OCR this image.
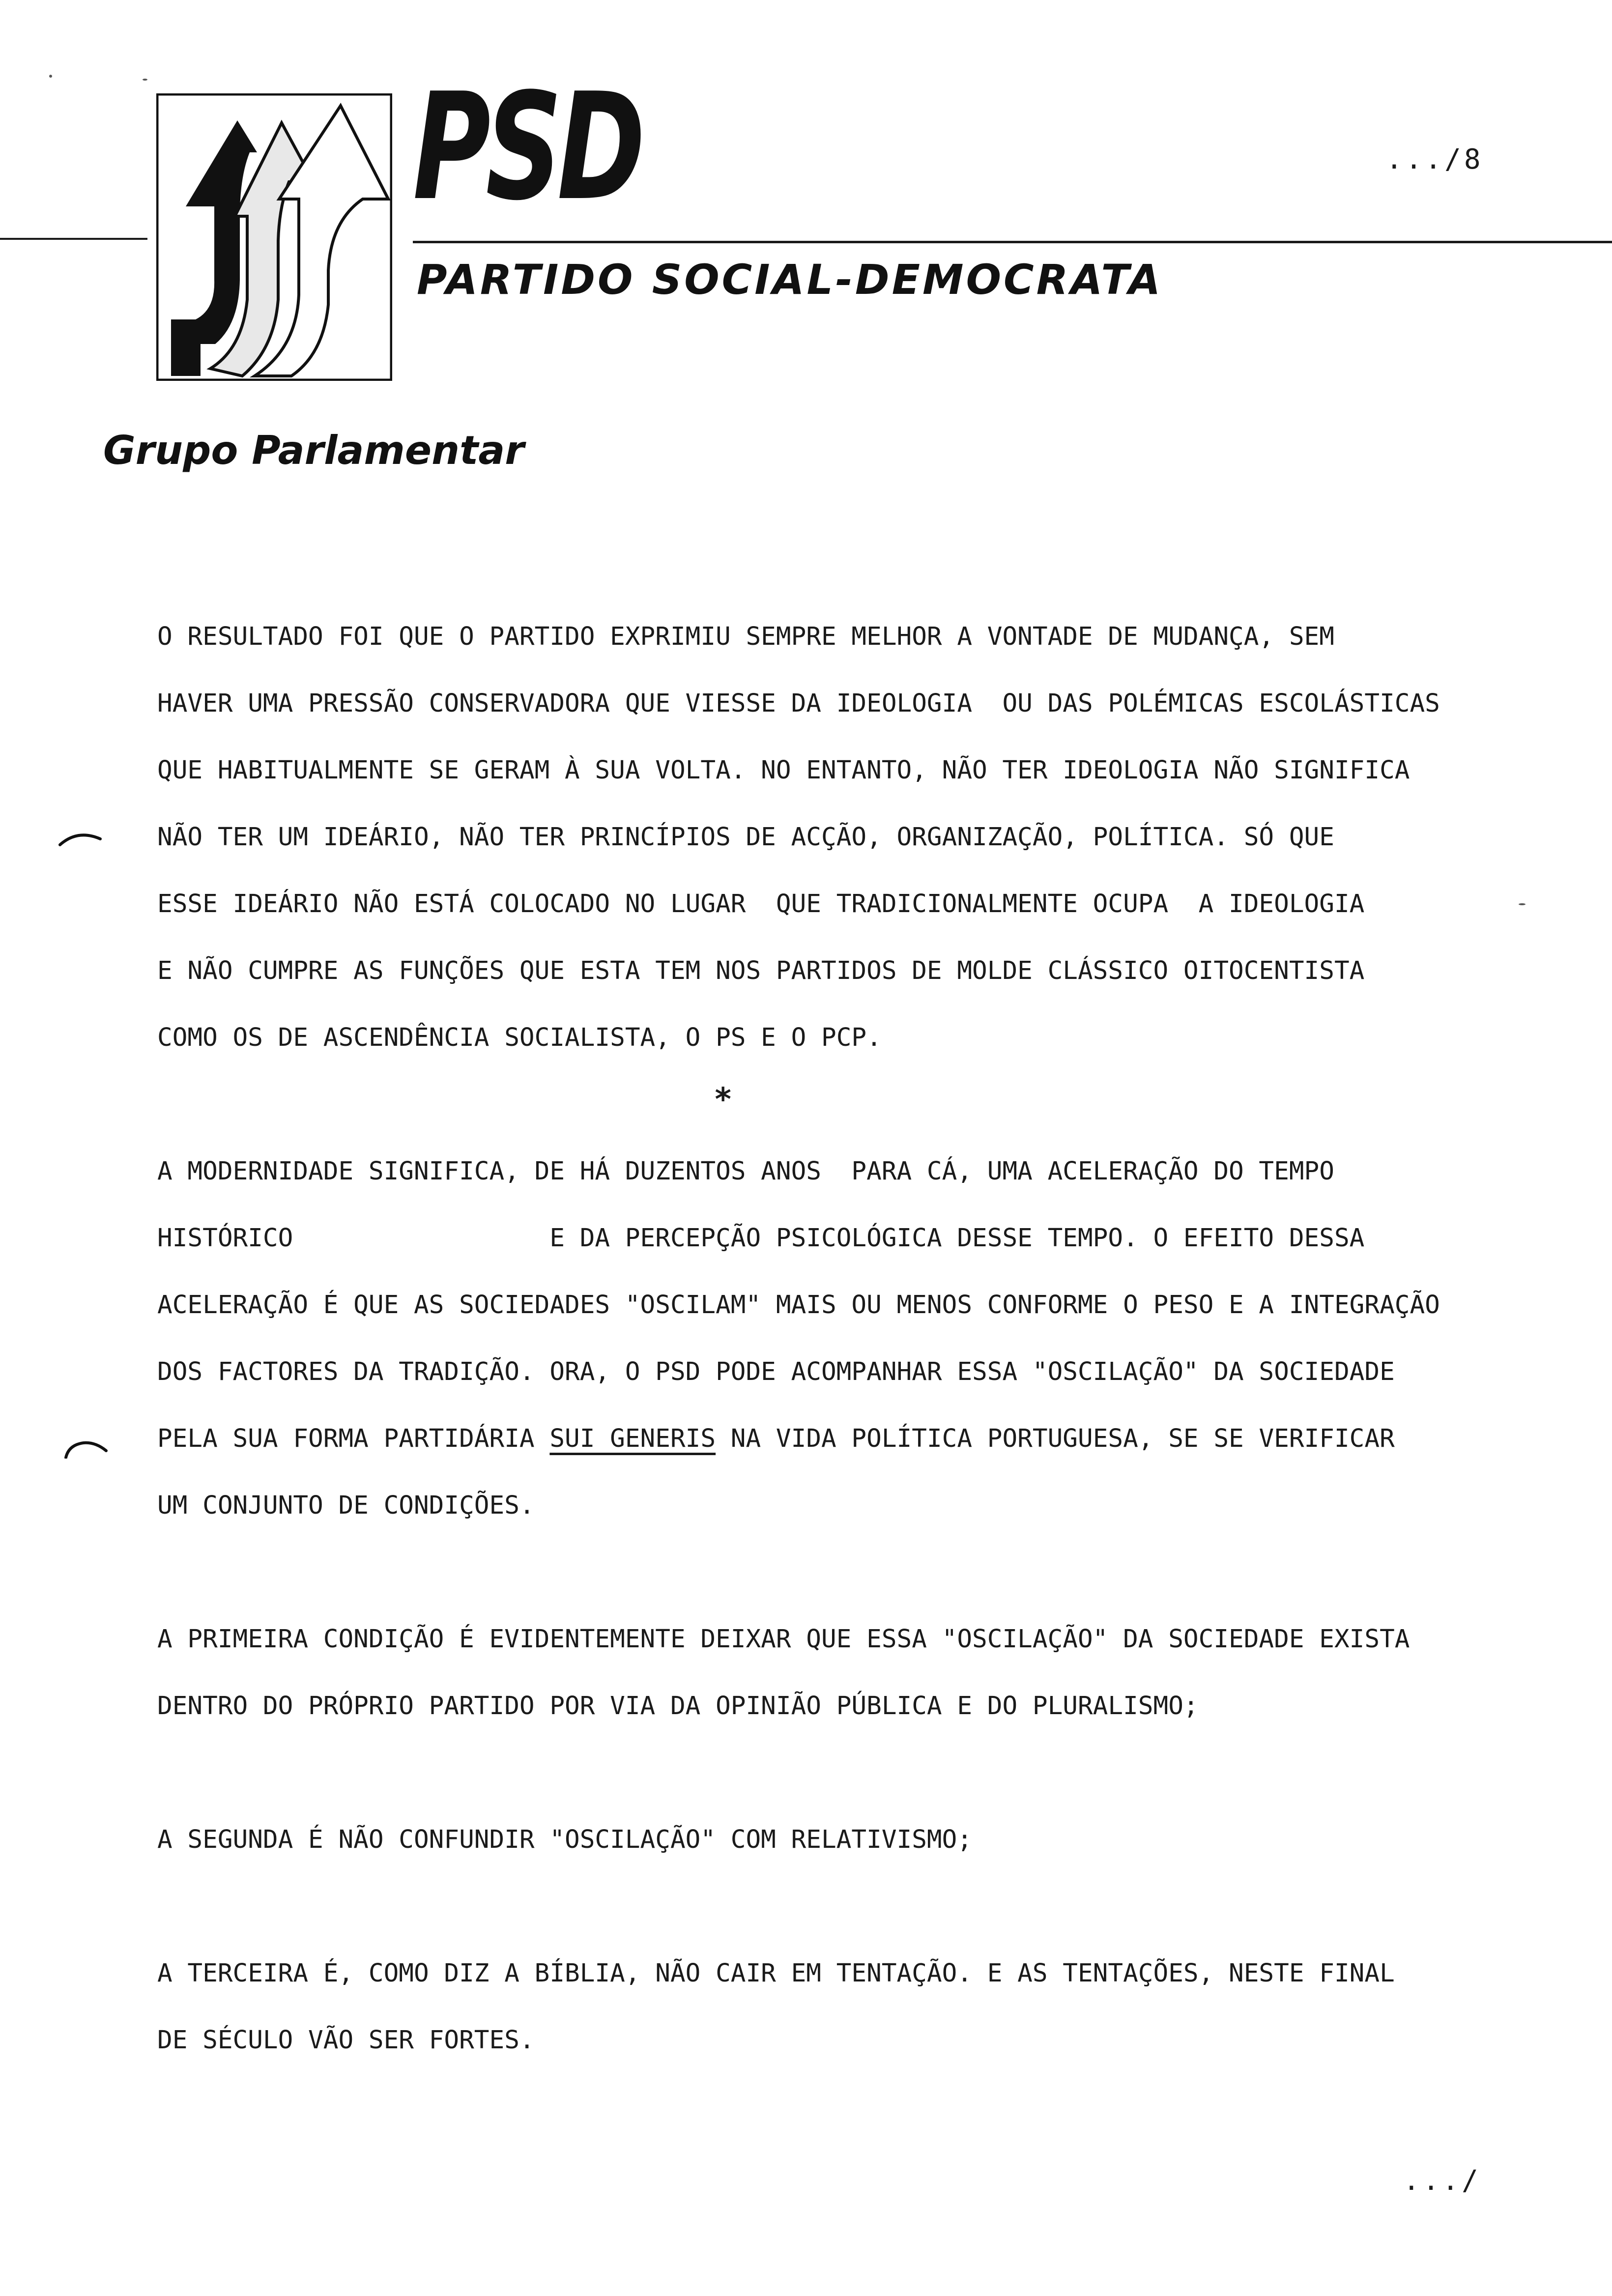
PSD
PARTIDO SOCIAL-DEMOCRATA
Grupo Parlamentar
.../8
O RESULTADO FOI QUE O PARTIDO EXPRIMIU SEMPRE MELHOR A VONTADE DE MUDANÇA, SEM
HAVER UMA PRESSÃO CONSERVADORA QUE VIESSE DA IDEOLOGIA  OU DAS POLÉMICAS ESCOLÁSTICAS
QUE HABITUALMENTE SE GERAM À SUA VOLTA. NO ENTANTO, NÃO TER IDEOLOGIA NÃO SIGNIFICA
NÃO TER UM IDEÁRIO, NÃO TER PRINCÍPIOS DE ACÇÃO, ORGANIZAÇÃO, POLÍTICA. SÓ QUE
ESSE IDEÁRIO NÃO ESTÁ COLOCADO NO LUGAR  QUE TRADICIONALMENTE OCUPA  A IDEOLOGIA
E NÃO CUMPRE AS FUNÇÕES QUE ESTA TEM NOS PARTIDOS DE MOLDE CLÁSSICO OITOCENTISTA
COMO OS DE ASCENDÊNCIA SOCIALISTA, O PS E O PCP.
*
A MODERNIDADE SIGNIFICA, DE HÁ DUZENTOS ANOS  PARA CÁ, UMA ACELERAÇÃO DO TEMPO
HISTÓRICO                 E DA PERCEPÇÃO PSICOLÓGICA DESSE TEMPO. O EFEITO DESSA
ACELERAÇÃO É QUE AS SOCIEDADES "OSCILAM" MAIS OU MENOS CONFORME O PESO E A INTEGRAÇÃO
DOS FACTORES DA TRADIÇÃO. ORA, O PSD PODE ACOMPANHAR ESSA "OSCILAÇÃO" DA SOCIEDADE
PELA SUA FORMA PARTIDÁRIA SUI GENERIS NA VIDA POLÍTICA PORTUGUESA, SE SE VERIFICAR
UM CONJUNTO DE CONDIÇÕES.
A PRIMEIRA CONDIÇÃO É EVIDENTEMENTE DEIXAR QUE ESSA "OSCILAÇÃO" DA SOCIEDADE EXISTA
DENTRO DO PRÓPRIO PARTIDO POR VIA DA OPINIÃO PÚBLICA E DO PLURALISMO;
A SEGUNDA É NÃO CONFUNDIR "OSCILAÇÃO" COM RELATIVISMO;
A TERCEIRA É, COMO DIZ A BÍBLIA, NÃO CAIR EM TENTAÇÃO. E AS TENTAÇÕES, NESTE FINAL
DE SÉCULO VÃO SER FORTES.
.../
